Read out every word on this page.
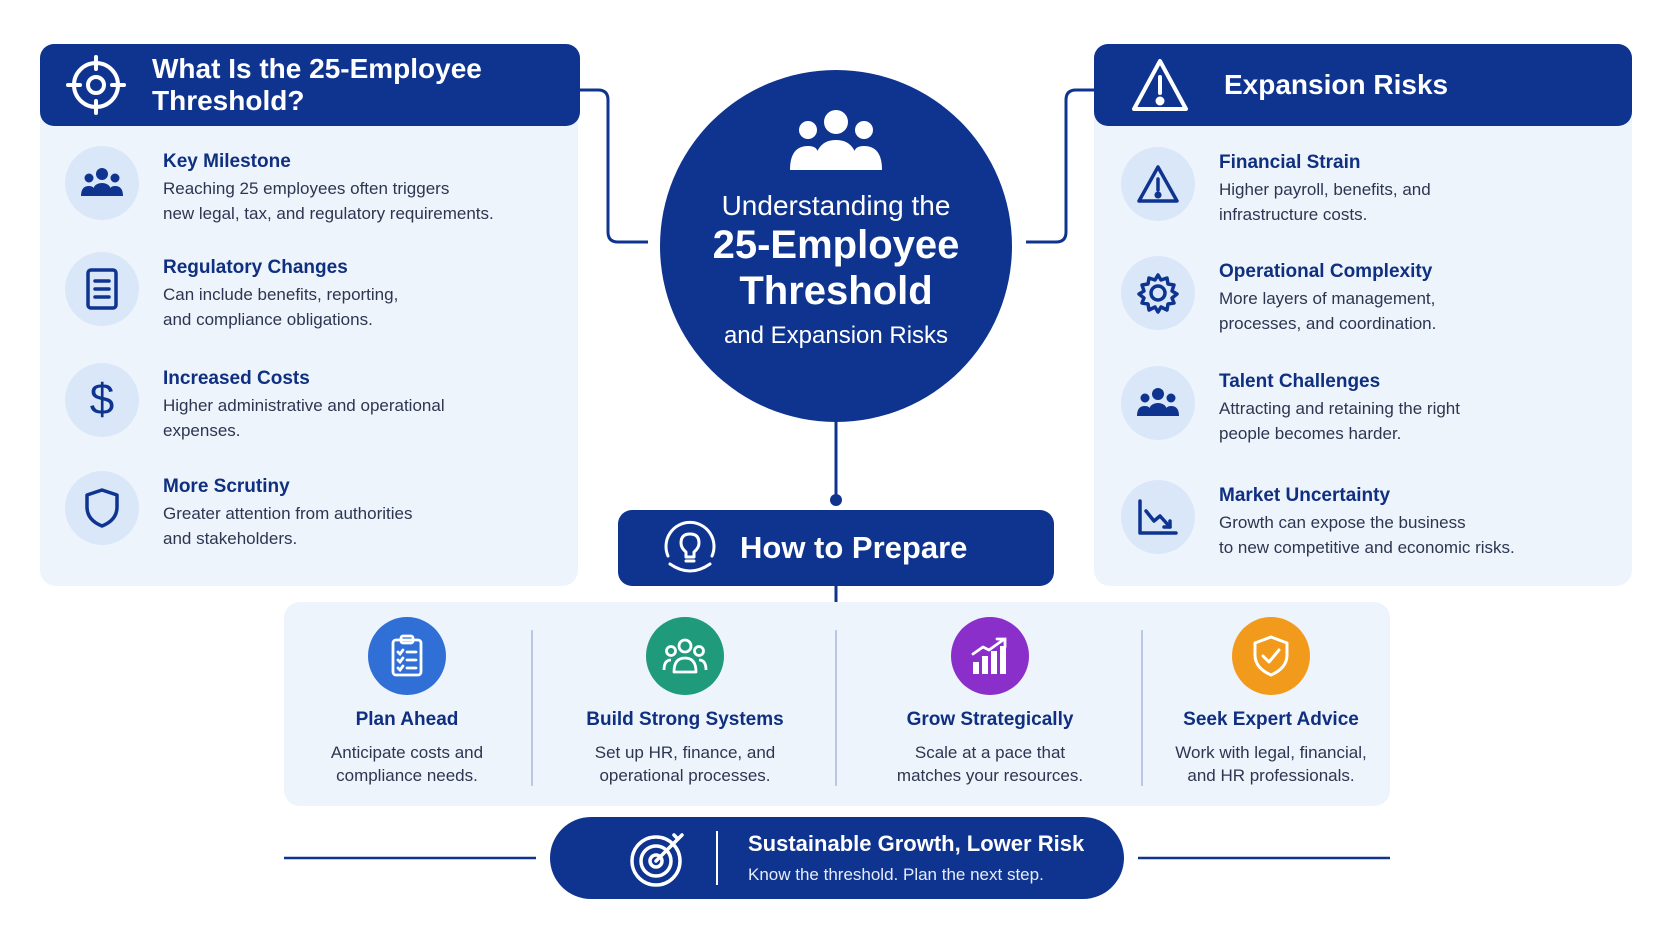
What Is the 25-Employee
Threshold?
Key Milestone
Reaching 25 employees often triggers
new legal, tax, and regulatory requirements.
Regulatory Changes
Can include benefits, reporting,
and compliance obligations.
$	Increased Costs
Higher administrative and operational
expenses.
More Scrutiny
Greater attention from authorities
and stakeholders.
Understanding the
25-Employee
Threshold
and Expansion Risks
Expansion Risks
Financial Strain
Higher payroll, benefits, and
infrastructure costs.
Operational Complexity
More layers of management,
processes, and coordination.
Talent Challenges
Attracting and retaining the right
people becomes harder.
Market Uncertainty
Growth can expose the business
to new competitive and economic risks.
How to Prepare
Plan Ahead
Anticipate costs and
compliance needs.
Build Strong Systems
Set up HR, finance, and
operational processes.
Grow Strategically
Scale at a pace that
matches your resources.
Seek Expert Advice
Work with legal, financial,
and HR professionals.
Sustainable Growth, Lower Risk
Know the threshold. Plan the next step.
